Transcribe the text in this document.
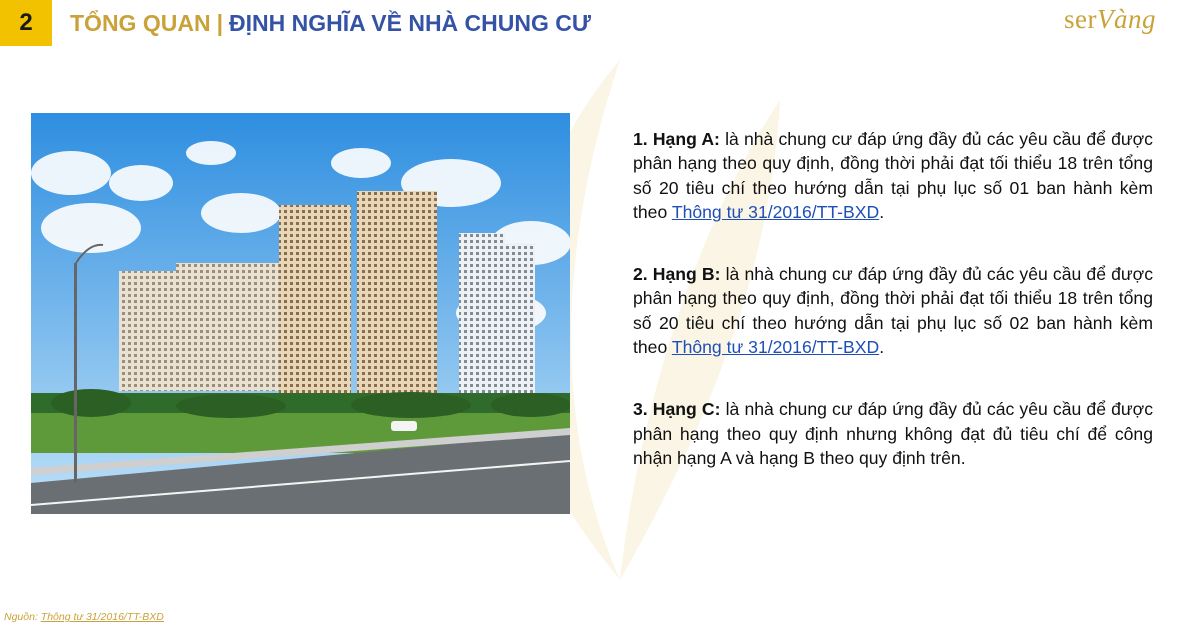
2 TỔNG QUAN | ĐỊNH NGHĨA VỀ NHÀ CHUNG CƯ	serVàng

1. Hạng A: là nhà chung cư đáp ứng đầy đủ các yêu cầu để được phân hạng theo quy định, đồng thời phải đạt tối thiểu 18 trên tổng số 20 tiêu chí theo hướng dẫn tại phụ lục số 01 ban hành kèm theo Thông tư 31/2016/TT-BXD.

2. Hạng B: là nhà chung cư đáp ứng đầy đủ các yêu cầu để được phân hạng theo quy định, đồng thời phải đạt tối thiểu 18 trên tổng số 20 tiêu chí theo hướng dẫn tại phụ lục số 02 ban hành kèm theo Thông tư 31/2016/TT-BXD.

3. Hạng C: là nhà chung cư đáp ứng đầy đủ các yêu cầu để được phân hạng theo quy định nhưng không đạt đủ tiêu chí để công nhận hạng A và hạng B theo quy định trên.

Nguồn: Thông tư 31/2016/TT-BXD
